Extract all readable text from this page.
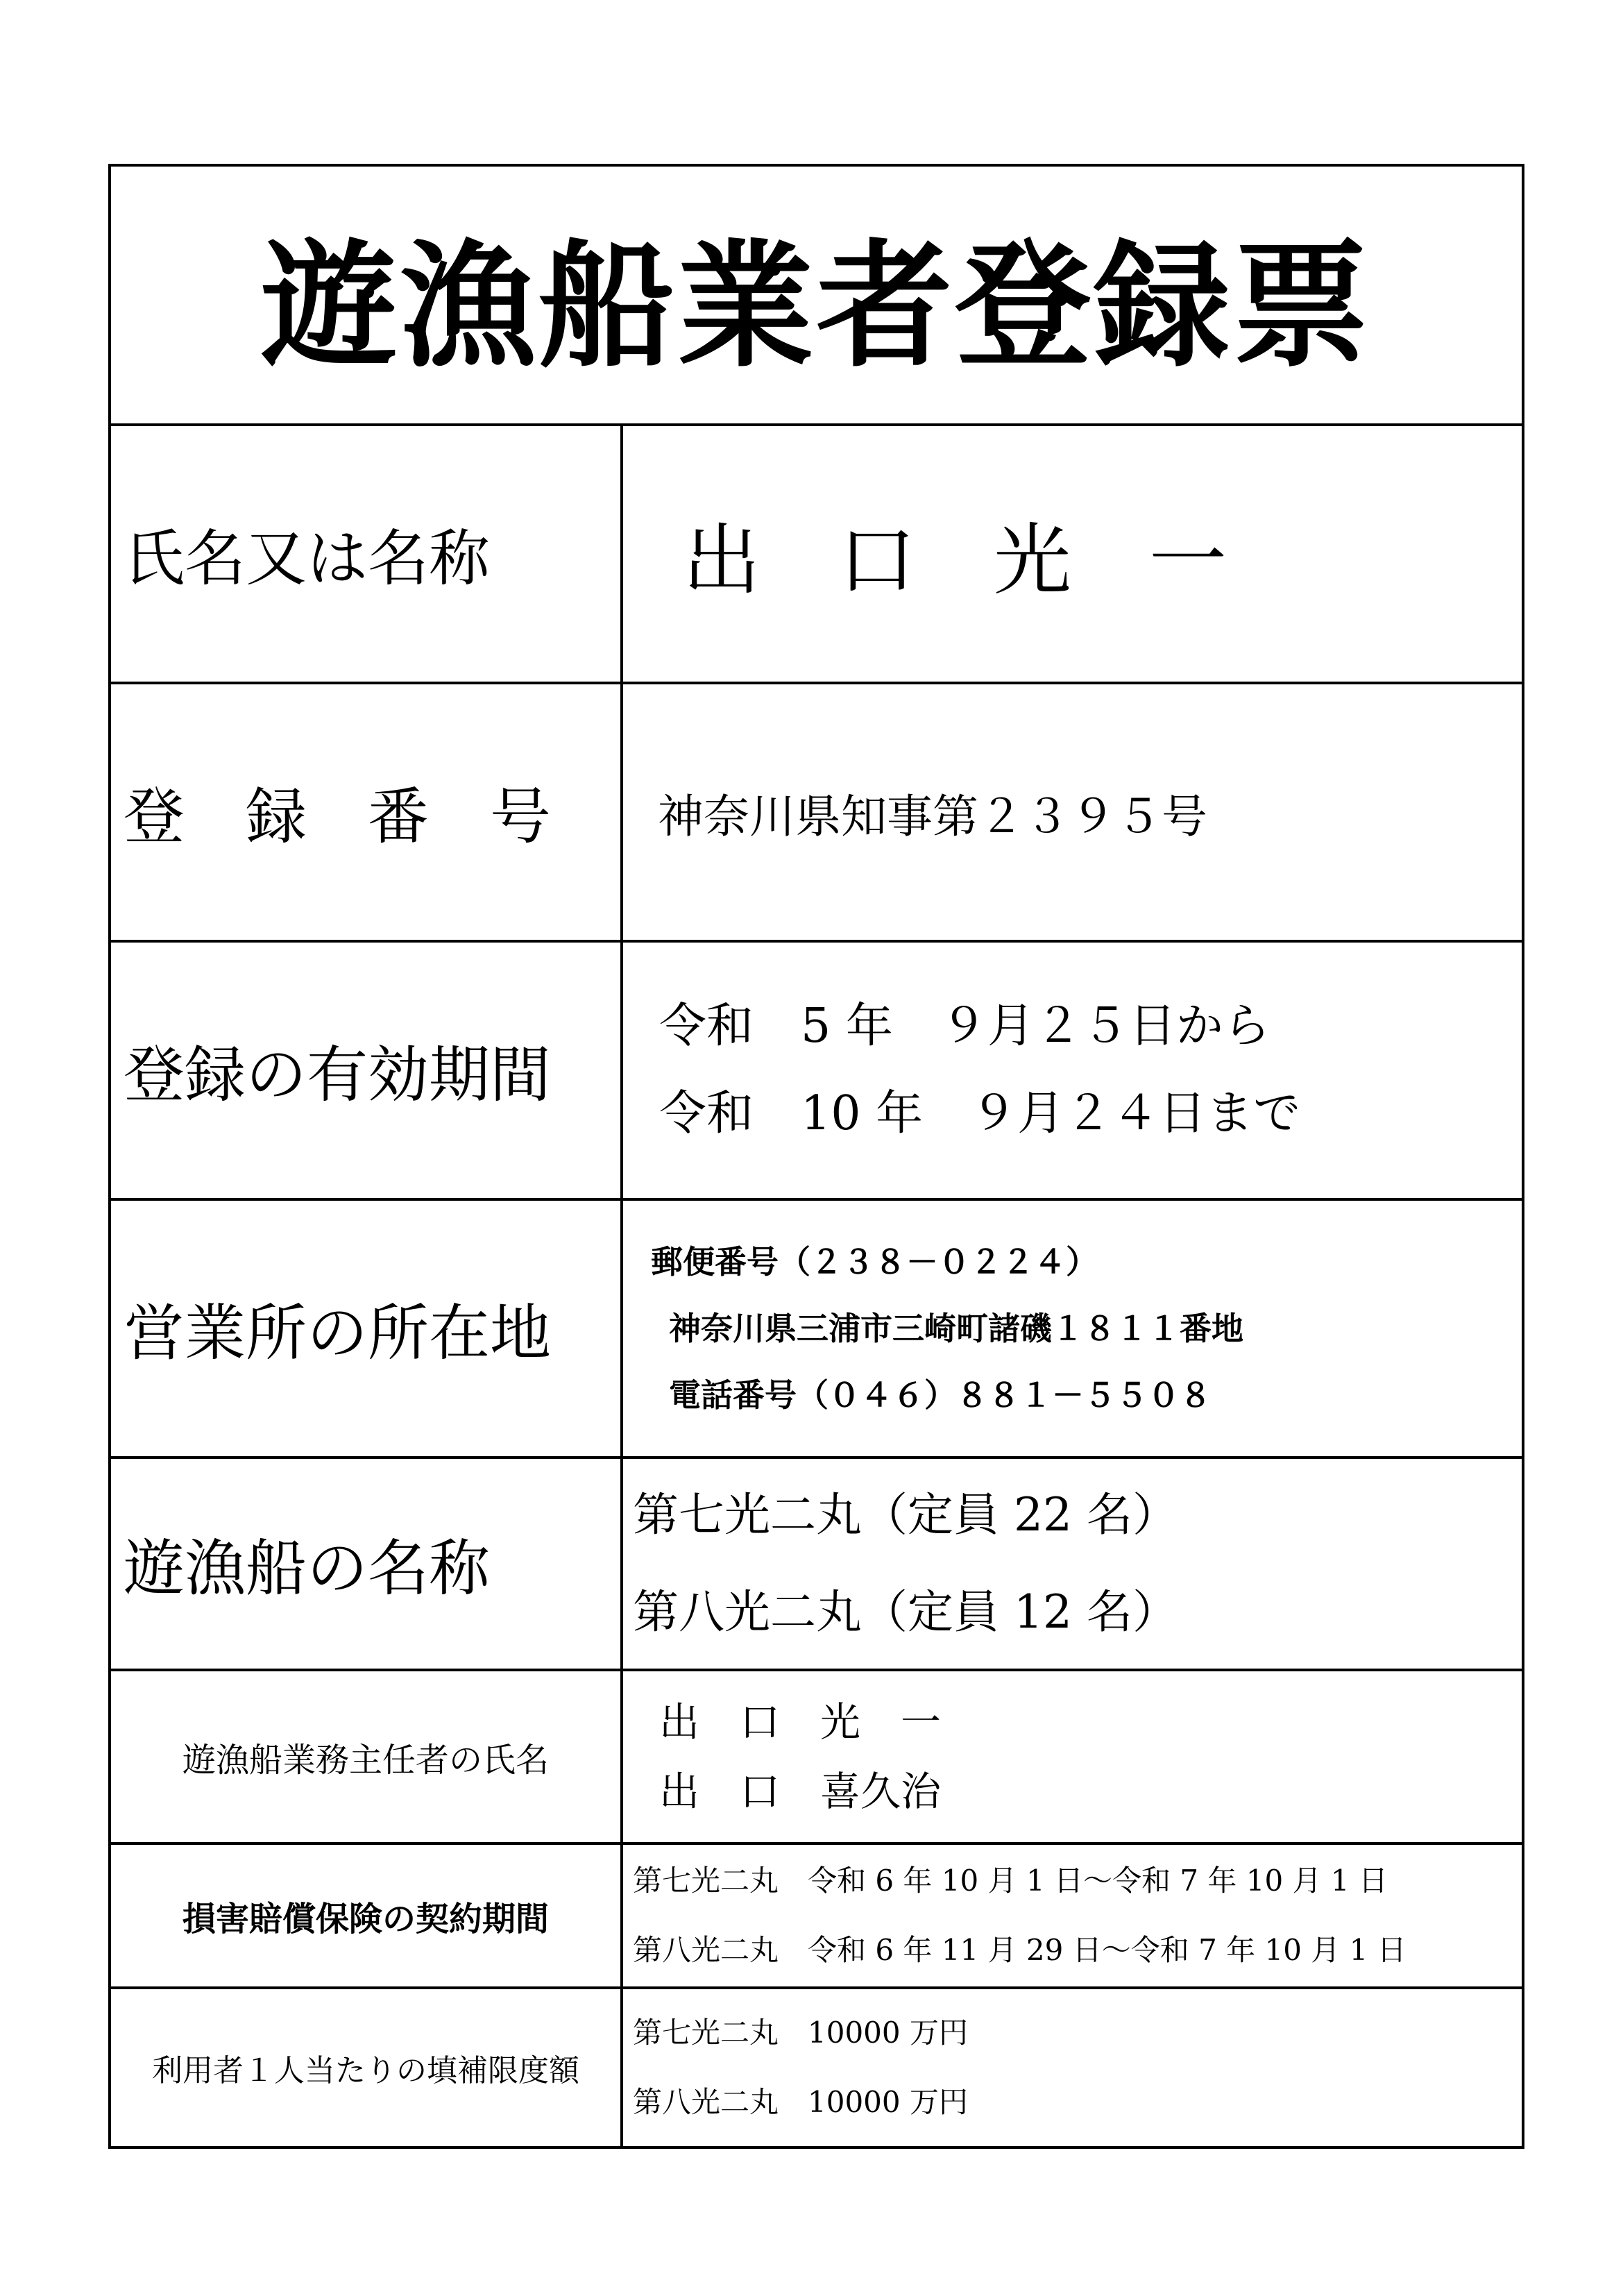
遊漁船業者登録票
氏名又は名称	出　口　光　一
登　録　番　号	神奈川県知事第２３９５号
登録の有効期間
令和　5 年　９月２５日から
令和　10 年　９月２４日まで
営業所の所在地
郵便番号（２３８－０２２４）
神奈川県三浦市三崎町諸磯１８１１番地
電話番号（０４６）８８１－５５０８
遊漁船の名称
第七光二丸（定員 22 名）
第八光二丸（定員 12 名）
遊漁船業務主任者の氏名
出　口　光　一
出　口　喜久治
損害賠償保険の契約期間
第七光二丸　令和 6 年 10 月 1 日～令和 7 年 10 月 1 日
第八光二丸　令和 6 年 11 月 29 日～令和 7 年 10 月 1 日
利用者１人当たりの填補限度額
第七光二丸　10000 万円
第八光二丸　10000 万円
